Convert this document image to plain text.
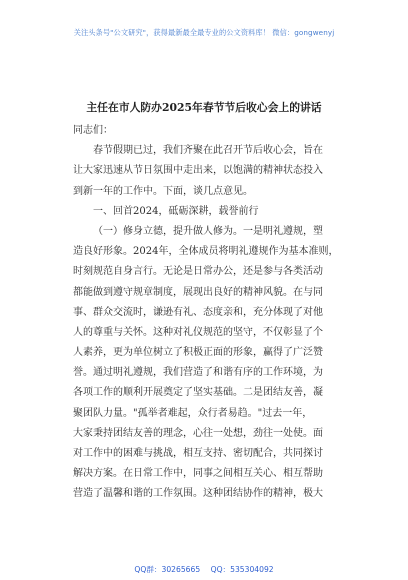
关注头条号"公文研究"，获得最新最全最专业的公文资料库！ 微信：gongwenyj
主任在市人防办2025年春节节后收心会上的讲话
同志们：
春节假期已过，我们齐聚在此召开节后收心会，旨在
让大家迅速从节日氛围中走出来，以饱满的精神状态投入
到新一年的工作中。下面，谈几点意见。
一、回首2024，砥砺深耕，载誉前行
（一）修身立德，提升做人修为。一是明礼遵规，塑
造良好形象。2024年，全体成员将明礼遵规作为基本准则，
时刻规范自身言行。无论是日常办公，还是参与各类活动
都能做到遵守规章制度，展现出良好的精神风貌。在与同
事、群众交流时，谦逊有礼、态度亲和，充分体现了对他
人的尊重与关怀。这种对礼仪规范的坚守，不仅彰显了个
人素养，更为单位树立了积极正面的形象，赢得了广泛赞
誉。通过明礼遵规，我们营造了和谐有序的工作环境，为
各项工作的顺利开展奠定了坚实基础。二是团结友善，凝
聚团队力量。"孤举者难起，众行者易趋。"过去一年，
大家秉持团结友善的理念，心往一处想，劲往一处使。面
对工作中的困难与挑战，相互支持、密切配合，共同探讨
解决方案。在日常工作中，同事之间相互关心、相互帮助
营造了温馨和谐的工作氛围。这种团结协作的精神，极大
QQ群：30265665 QQ：535304092
